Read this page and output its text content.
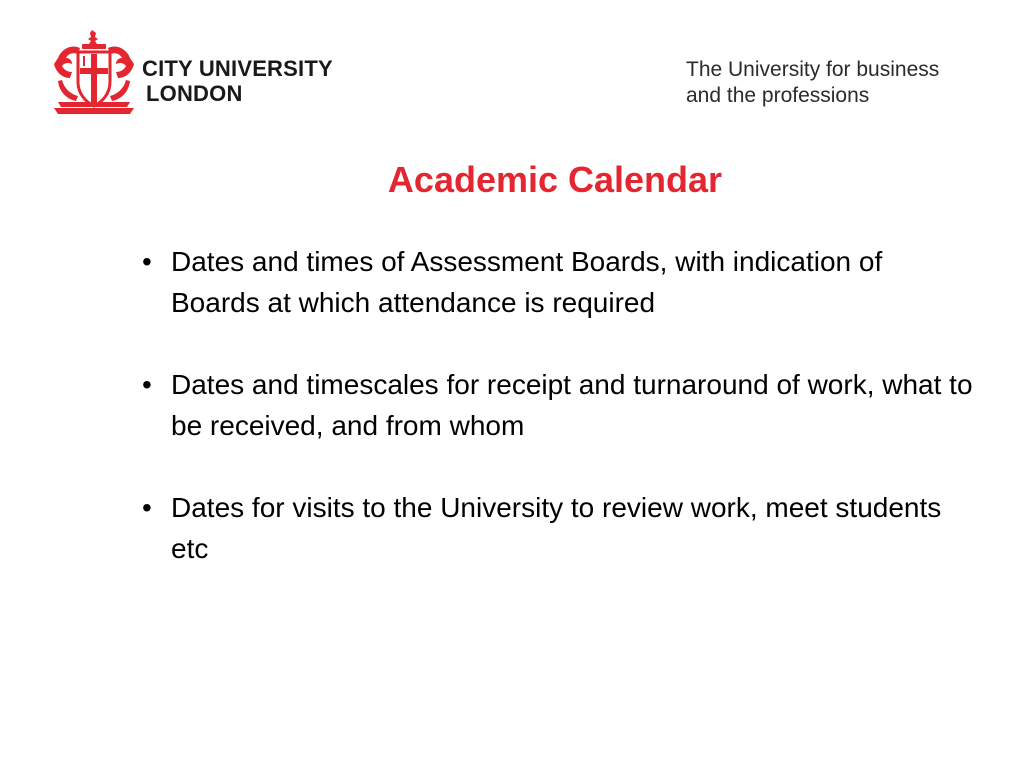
CITY UNIVERSITY
LONDON
The University for business
and the professions
Academic Calendar
• Dates and times of Assessment Boards, with indication of Boards at which attendance is required
• Dates and timescales for receipt and turnaround of work, what to be received, and from whom
• Dates for visits to the University to review work, meet students etc
